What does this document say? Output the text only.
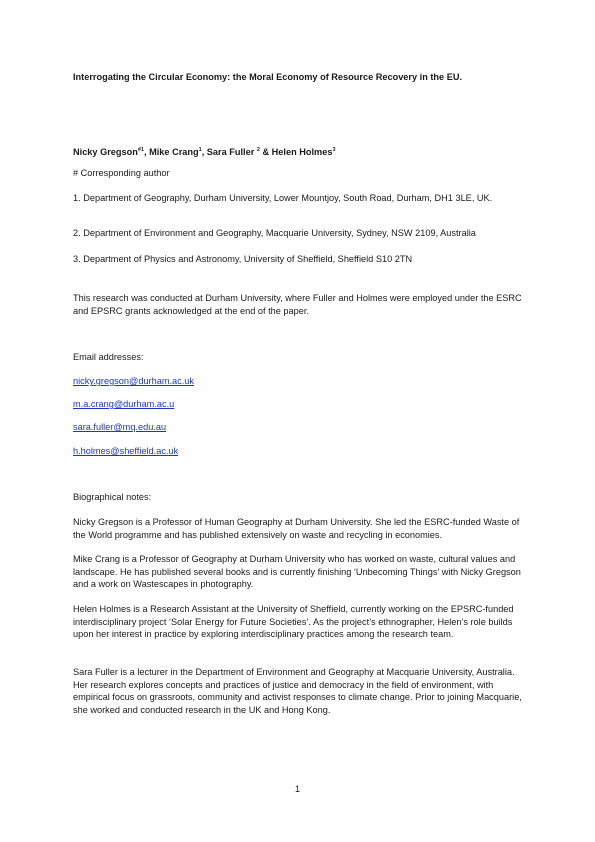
Interrogating the Circular Economy: the Moral Economy of Resource Recovery in the EU.
Nicky Gregson$^{\#1}$, Mike Crang$^1$, Sara Fuller $^2$ & Helen Holmes$^3$
# Corresponding author
1. Department of Geography, Durham University, Lower Mountjoy, South Road, Durham, DH1 3LE, UK.
2. Department of Environment and Geography, Macquarie University, Sydney, NSW 2109, Australia
3. Department of Physics and Astronomy, University of Sheffield, Sheffield S10 2TN
This research was conducted at Durham University, where Fuller and Holmes were employed under the ESRC and EPSRC grants acknowledged at the end of the paper.
Email addresses:
nicky.gregson@durham.ac.uk
m.a.crang@durham.ac.u
sara.fuller@mq.edu.au
h.holmes@sheffield.ac.uk
Biographical notes:
Nicky Gregson is a Professor of Human Geography at Durham University. She led the ESRC-funded Waste of the World programme and has published extensively on waste and recycling in economies.
Mike Crang is a Professor of Geography at Durham University who has worked on waste, cultural values and landscape. He has published several books and is currently finishing ‘Unbecoming Things’ with Nicky Gregson and a work on Wastescapes in photography.
Helen Holmes is a Research Assistant at the University of Sheffield, currently working on the EPSRC-funded interdisciplinary project ‘Solar Energy for Future Societies’. As the project’s ethnographer, Helen’s role builds upon her interest in practice by exploring interdisciplinary practices among the research team.
Sara Fuller is a lecturer in the Department of Environment and Geography at Macquarie University, Australia. Her research explores concepts and practices of justice and democracy in the field of environment, with empirical focus on grassroots, community and activist responses to climate change. Prior to joining Macquarie, she worked and conducted research in the UK and Hong Kong.
1
